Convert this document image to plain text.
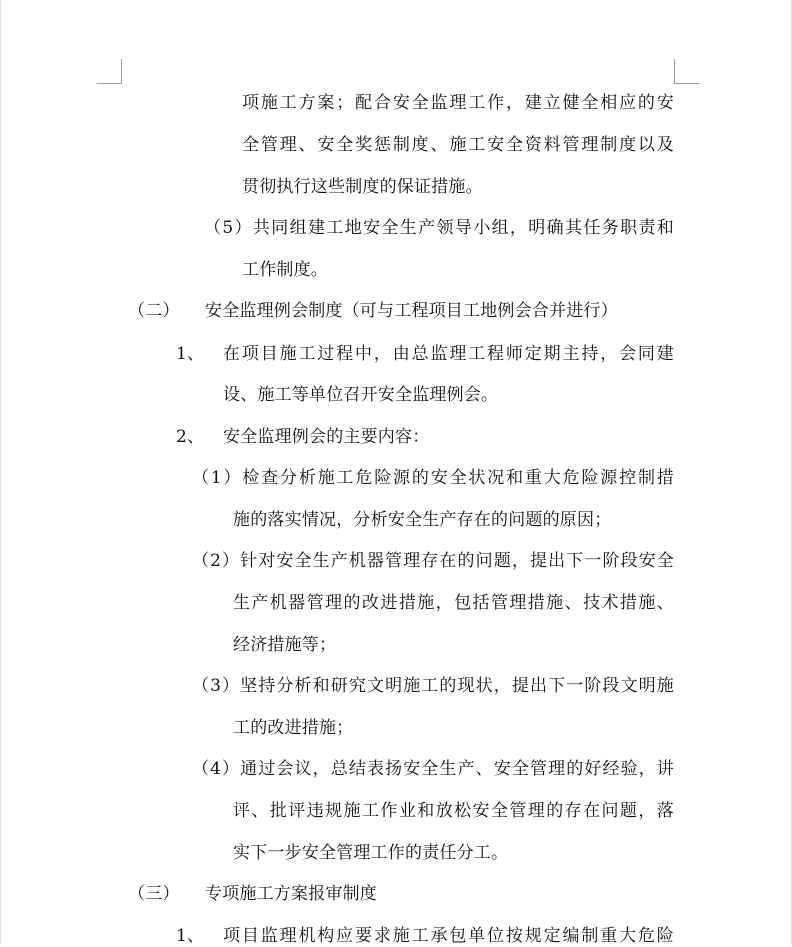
项施工方案；配合安全监理工作，建立健全相应的安
全管理、安全奖惩制度、施工安全资料管理制度以及
贯彻执行这些制度的保证措施。
（5）共同组建工地安全生产领导小组，明确其任务职责和
工作制度。
（二） 安全监理例会制度（可与工程项目工地例会合并进行）
1、 在项目施工过程中，由总监理工程师定期主持，会同建
设、施工等单位召开安全监理例会。
2、 安全监理例会的主要内容：
（1）检查分析施工危险源的安全状况和重大危险源控制措
施的落实情况，分析安全生产存在的问题的原因；
（2）针对安全生产机器管理存在的问题，提出下一阶段安全
生产机器管理的改进措施，包括管理措施、技术措施、
经济措施等；
（3）坚持分析和研究文明施工的现状，提出下一阶段文明施
工的改进措施；
（4）通过会议，总结表扬安全生产、安全管理的好经验，讲
评、批评违规施工作业和放松安全管理的存在问题，落
实下一步安全管理工作的责任分工。
（三） 专项施工方案报审制度
1、 项目监理机构应要求施工承包单位按规定编制重大危险
